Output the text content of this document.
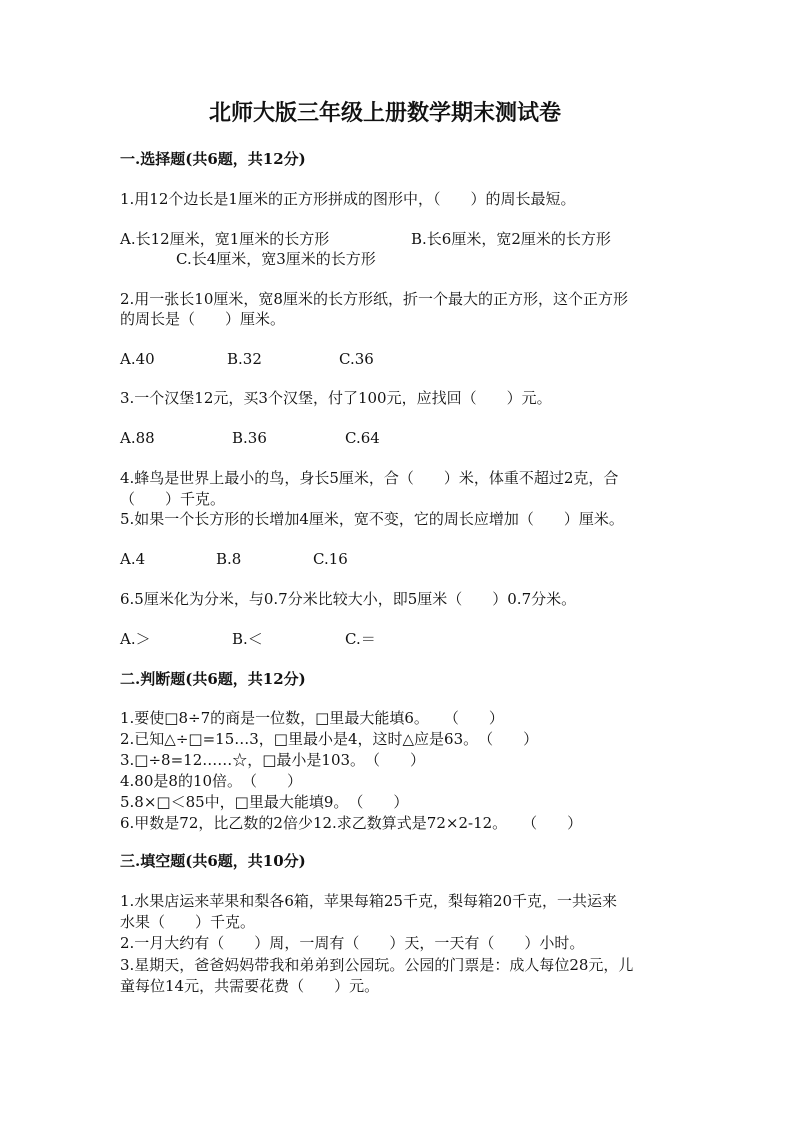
北师大版三年级上册数学期末测试卷
一.选择题(共6题，共12分)
1.用12个边长是1厘米的正方形拼成的图形中，（　　）的周长最短。
A.长12厘米，宽1厘米的长方形	B.长6厘米，宽2厘米的长方形
C.长4厘米，宽3厘米的长方形
2.用一张长10厘米，宽8厘米的长方形纸，折一个最大的正方形，这个正方形
的周长是（　　）厘米。
A.40	B.32	C.36
3.一个汉堡12元，买3个汉堡，付了100元，应找回（　　）元。
A.88	B.36	C.64
4.蜂鸟是世界上最小的鸟，身长5厘米，合（　　）米，体重不超过2克，合
（　　）千克。
5.如果一个长方形的长增加4厘米，宽不变，它的周长应增加（　　）厘米。
A.4	B.8	C.16
6.5厘米化为分米，与0.7分米比较大小，即5厘米（　　）0.7分米。
A.＞	B.＜	C.＝
二.判断题(共6题，共12分)
1.要使□8÷7的商是一位数，□里最大能填6。　　（　　）
2.已知△÷□=15…3，□里最小是4，这时△应是63。　（　　）
3.□÷8=12……☆，□最小是103。　（　　）
4.80是8的10倍。　（　　）
5.8×□＜85中，□里最大能填9。　（　　）
6.甲数是72，比乙数的2倍少12.求乙数算式是72×2-12。　　（　　）
三.填空题(共6题，共10分)
1.水果店运来苹果和梨各6箱，苹果每箱25千克，梨每箱20千克，一共运来
水果（　　）千克。
2.一月大约有（　　）周，一周有（　　）天，一天有（　　）小时。
3.星期天，爸爸妈妈带我和弟弟到公园玩。公园的门票是：成人每位28元，儿
童每位14元，共需要花费（　　）元。
